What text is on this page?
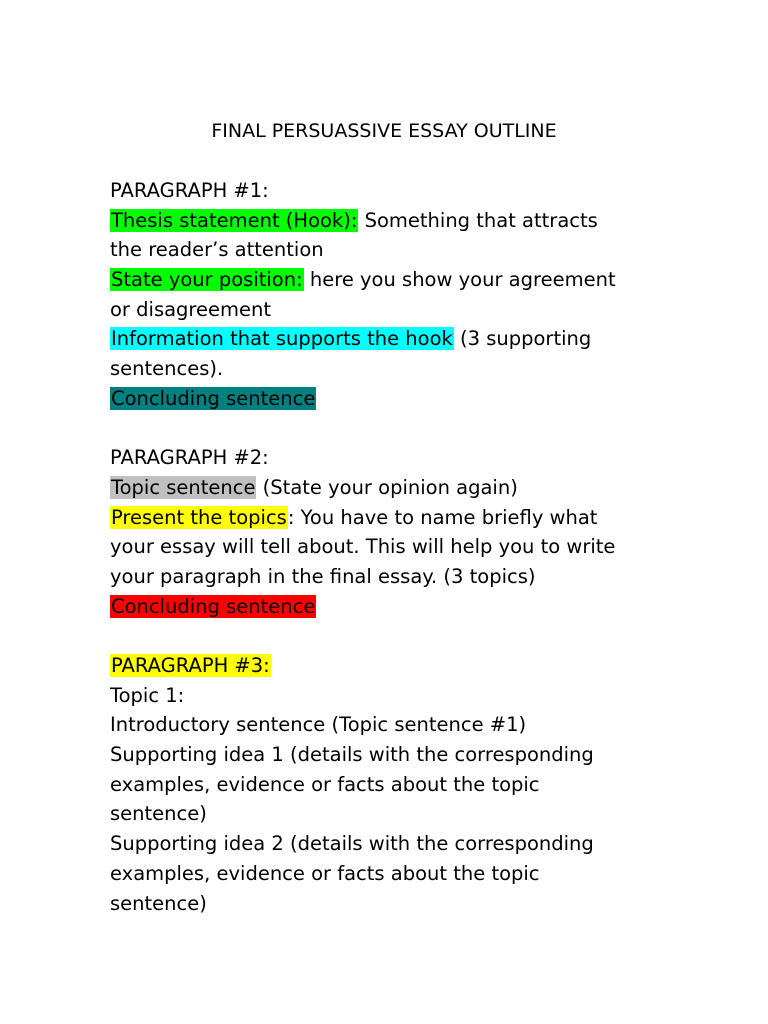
FINAL PERSUASSIVE ESSAY OUTLINE
PARAGRAPH #1:
Thesis statement (Hook): Something that attracts
the reader’s attention
State your position: here you show your agreement
or disagreement
Information that supports the hook (3 supporting
sentences).
Concluding sentence
PARAGRAPH #2:
Topic sentence (State your opinion again)
Present the topics: You have to name briefly what
your essay will tell about. This will help you to write
your paragraph in the final essay. (3 topics)
Concluding sentence
PARAGRAPH #3:
Topic 1:
Introductory sentence (Topic sentence #1)
Supporting idea 1 (details with the corresponding
examples, evidence or facts about the topic
sentence)
Supporting idea 2 (details with the corresponding
examples, evidence or facts about the topic
sentence)
